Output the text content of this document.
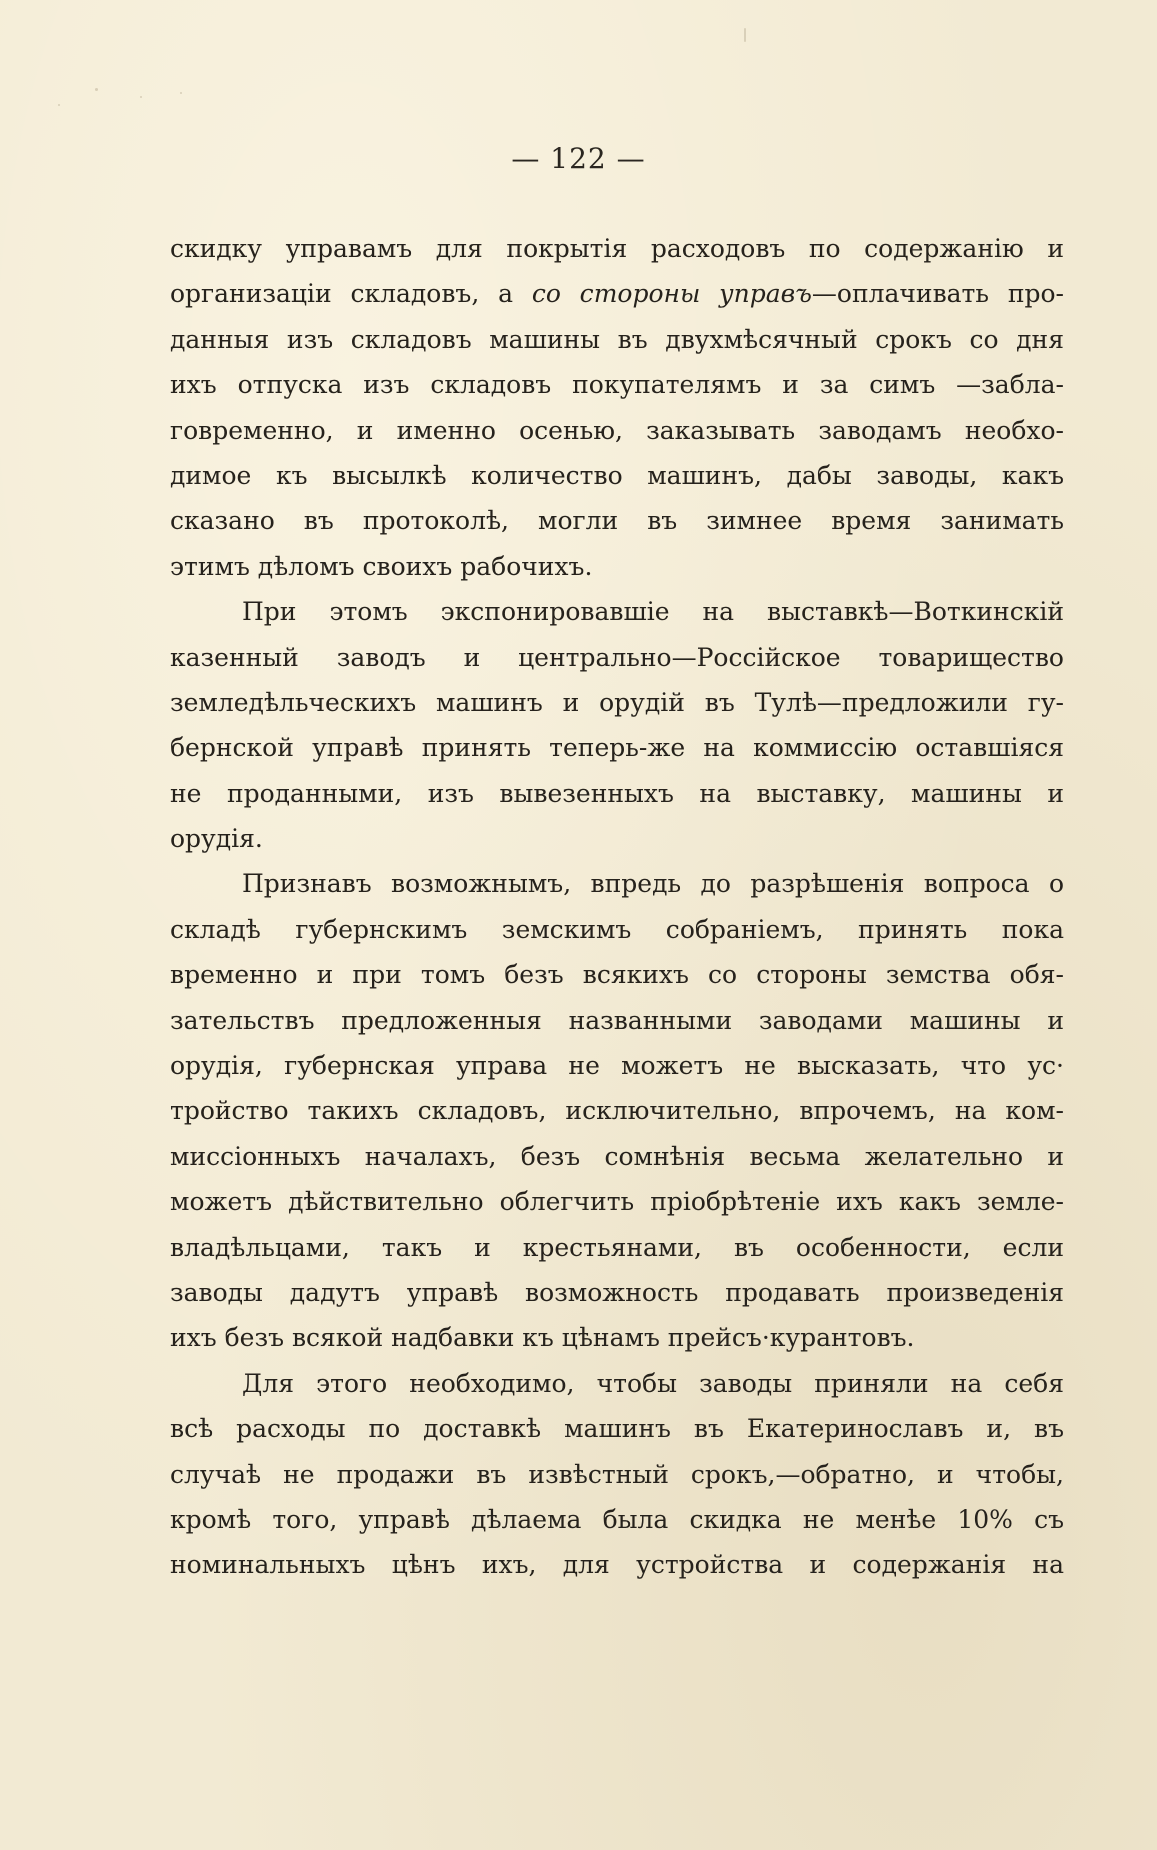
— 122 —
скидку управамъ для покрытія расходовъ по содержанію и
организаціи складовъ, а со стороны управъ—оплачивать про-
данныя изъ складовъ машины въ двухмѣсячный срокъ со дня
ихъ отпуска изъ складовъ покупателямъ и за симъ —забла-
говременно, и именно осенью, заказывать заводамъ необхо-
димое къ высылкѣ количество машинъ, дабы заводы, какъ
сказано въ протоколѣ, могли въ зимнее время занимать
этимъ дѣломъ своихъ рабочихъ.
При этомъ экспонировавшіе на выставкѣ—Воткинскій
казенный заводъ и центрально—Россійское товарищество
земледѣльческихъ машинъ и орудій въ Тулѣ—предложили гу-
бернской управѣ принять теперь-же на коммиссію оставшіяся
не проданными, изъ вывезенныхъ на выставку, машины и
орудія.
Признавъ возможнымъ, впредь до разрѣшенія вопроса о
складѣ губернскимъ земскимъ собраніемъ, принять пока
временно и при томъ безъ всякихъ со стороны земства обя-
зательствъ предложенныя названными заводами машины и
орудія, губернская управа не можетъ не высказать, что ус·
тройство такихъ складовъ, исключительно, впрочемъ, на ком-
миссіонныхъ началахъ, безъ сомнѣнія весьма желательно и
можетъ дѣйствительно облегчить пріобрѣтеніе ихъ какъ земле-
владѣльцами, такъ и крестьянами, въ особенности, если
заводы дадутъ управѣ возможность продавать произведенія
ихъ безъ всякой надбавки къ цѣнамъ прейсъ·курантовъ.
Для этого необходимо, чтобы заводы приняли на себя
всѣ расходы по доставкѣ машинъ въ Екатеринославъ и, въ
случаѣ не продажи въ извѣстный срокъ,—обратно, и чтобы,
кромѣ того, управѣ дѣлаема была скидка не менѣе 10% съ
номинальныхъ цѣнъ ихъ, для устройства и содержанія на
